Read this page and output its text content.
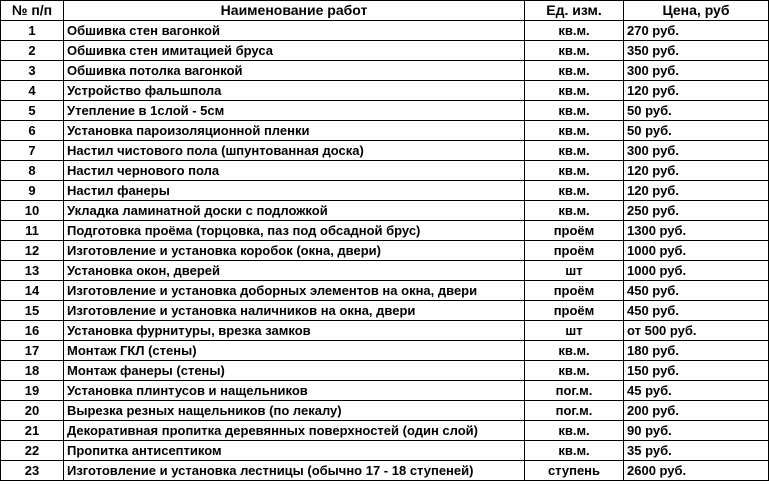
№ п/п	Наименование работ	Ед. изм.	Цена, руб
1	Обшивка стен вагонкой	кв.м.	270 руб.
2	Обшивка стен имитацией бруса	кв.м.	350 руб.
3	Обшивка потолка вагонкой	кв.м.	300 руб.
4	Устройство фальшпола	кв.м.	120 руб.
5	Утепление в 1слой - 5см	кв.м.	50 руб.
6	Установка пароизоляционной пленки	кв.м.	50 руб.
7	Настил чистового пола (шпунтованная доска)	кв.м.	300 руб.
8	Настил чернового пола	кв.м.	120 руб.
9	Настил фанеры	кв.м.	120 руб.
10	Укладка ламинатной доски с подложкой	кв.м.	250 руб.
11	Подготовка проёма (торцовка, паз под обсадной брус)	проём	1300 руб.
12	Изготовление и установка коробок (окна, двери)	проём	1000 руб.
13	Установка окон, дверей	шт	1000 руб.
14	Изготовление и установка доборных элементов на окна, двери	проём	450 руб.
15	Изготовление и установка наличников на окна, двери	проём	450 руб.
16	Установка фурнитуры, врезка замков	шт	от 500 руб.
17	Монтаж ГКЛ (стены)	кв.м.	180 руб.
18	Монтаж фанеры (стены)	кв.м.	150 руб.
19	Установка плинтусов и нащельников	пог.м.	45 руб.
20	Вырезка резных нащельников (по лекалу)	пог.м.	200 руб.
21	Декоративная пропитка деревянных поверхностей (один слой)	кв.м.	90 руб.
22	Пропитка антисептиком	кв.м.	35 руб.
23	Изготовление и установка лестницы (обычно 17 - 18 ступеней)	ступень	2600 руб.
